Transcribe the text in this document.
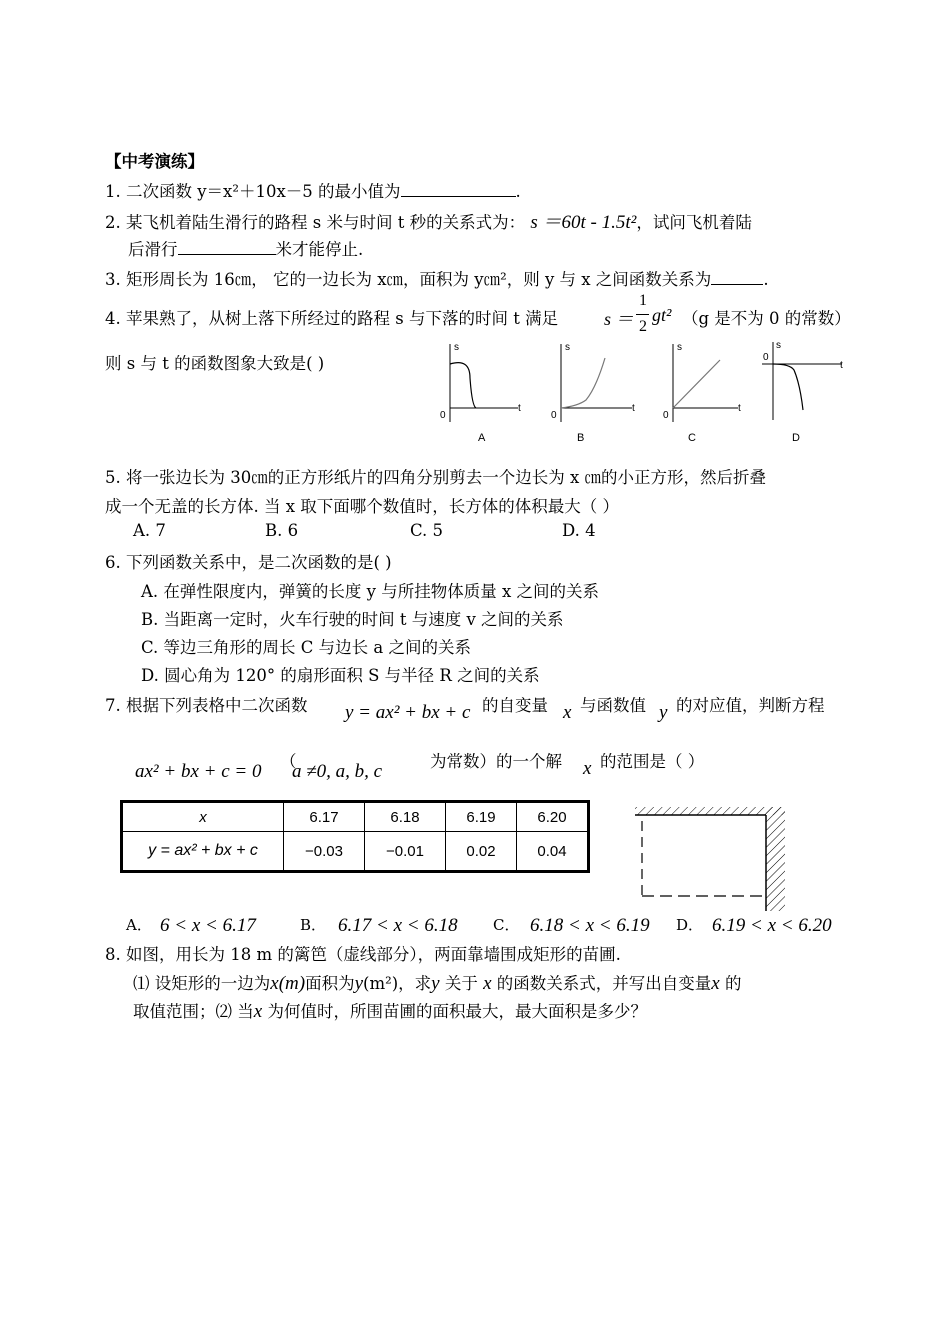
【中考演练】
1. 二次函数 y＝x²＋10x－5 的最小值为	.
2. 某飞机着陆生滑行的路程 s 米与时间 t 秒的关系式为： s ＝60t - 1.5t²，试问飞机着陆
后滑行	米才能停止.
3. 矩形周长为 16㎝， 它的一边长为 x㎝，面积为 y㎝²，则 y 与 x 之间函数关系为	.
4. 苹果熟了，从树上落下所经过的路程 s 与下落的时间 t 满足	s ＝
1
2
gt² （g 是不为 0 的常数）
则 s 与 t 的函数图象大致是( )
s
t
0
A
s
t
0
B
s
t
0
C
s
t
0
D
5. 将一张边长为 30㎝的正方形纸片的四角分别剪去一个边长为 x ㎝的小正方形，然后折叠
成一个无盖的长方体. 当 x 取下面哪个数值时，长方体的体积最大（ ）
A. 7	B. 6	C. 5	D. 4
6. 下列函数关系中，是二次函数的是( )
A. 在弹性限度内，弹簧的长度 y 与所挂物体质量 x 之间的关系
B. 当距离一定时，火车行驶的时间 t 与速度 v 之间的关系
C. 等边三角形的周长 C 与边长 a 之间的关系
D. 圆心角为 120° 的扇形面积 S 与半径 R 之间的关系
7. 根据下列表格中二次函数 y = ax² + bx + c 的自变量 x 与函数值 y 的对应值，判断方程
ax² + bx + c = 0 （
a ≠0, a, b, c	为常数）的一个解 x 的范围是（ ）
x	6.17	6.18	6.19	6.20
y = ax² + bx + c	−0.03	−0.01	0.02	0.04
A． 6 < x < 6.17	B． 6.17 < x < 6.18 C． 6.18 < x < 6.19 D． 6.19 < x < 6.20
8. 如图，用长为 18 m 的篱笆（虚线部分），两面靠墙围成矩形的苗圃.
⑴ 设矩形的一边为x(m)面积为y(m²)，求y 关于 x 的函数关系式，并写出自变量x 的
取值范围；⑵ 当x 为何值时，所围苗圃的面积最大，最大面积是多少？
